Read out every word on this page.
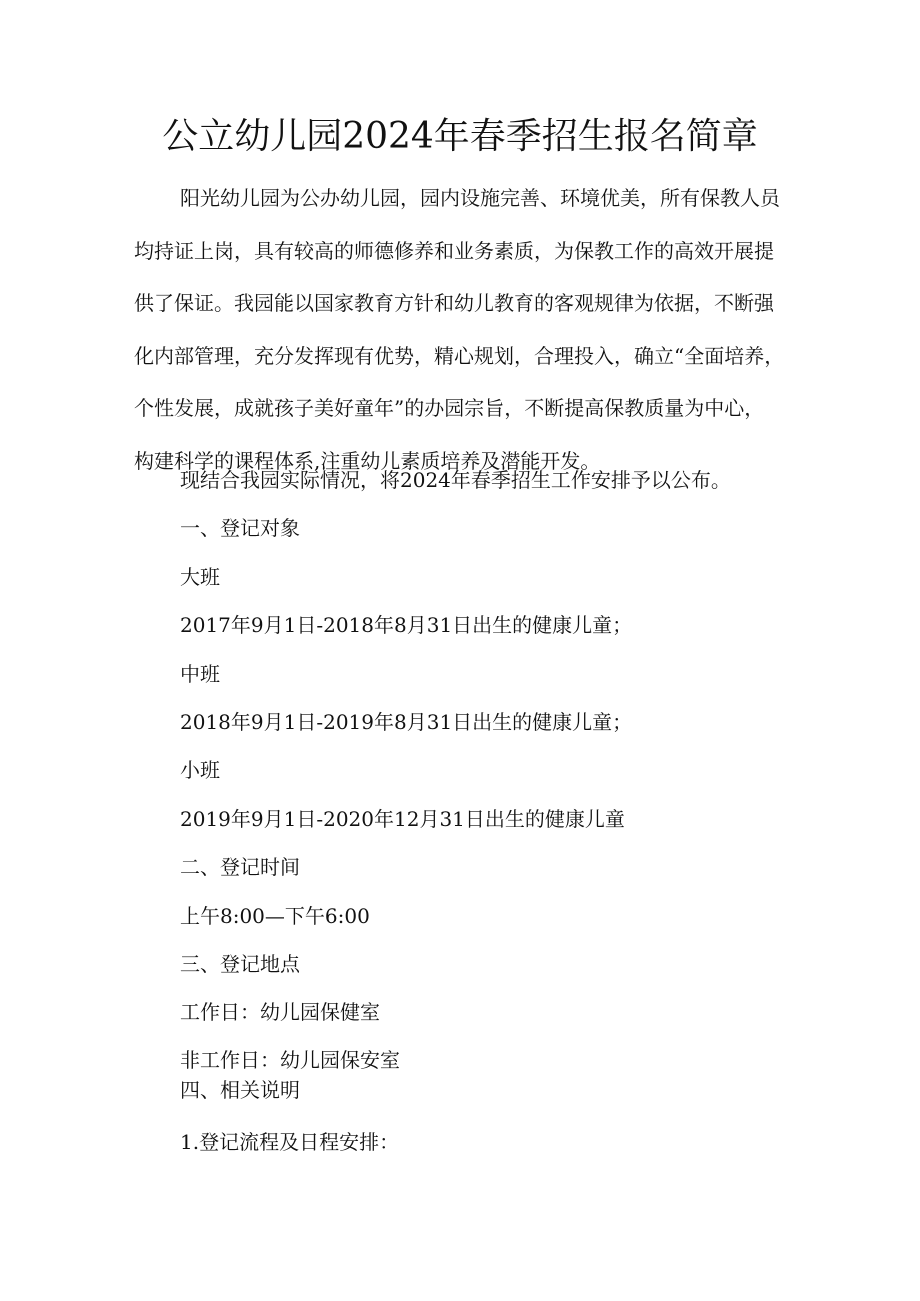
公立幼儿园2024年春季招生报名简章
阳光幼儿园为公办幼儿园，园内设施完善、环境优美，所有保教人员
均持证上岗，具有较高的师德修养和业务素质，为保教工作的高效开展提
供了保证。我园能以国家教育方针和幼儿教育的客观规律为依据，不断强
化内部管理，充分发挥现有优势，精心规划，合理投入，确立“全面培养，
个性发展，成就孩子美好童年”的办园宗旨，不断提高保教质量为中心，
构建科学的课程体系,注重幼儿素质培养及潜能开发。

现结合我园实际情况，将2024年春季招生工作安排予以公布。

一、登记对象

大班

2017年9月1日-2018年8月31日出生的健康儿童；

中班

2018年9月1日-2019年8月31日出生的健康儿童；

小班

2019年9月1日-2020年12月31日出生的健康儿童

二、登记时间

上午8:00—下午6:00

三、登记地点

工作日：幼儿园保健室

非工作日：幼儿园保安室

四、相关说明

1.登记流程及日程安排：
